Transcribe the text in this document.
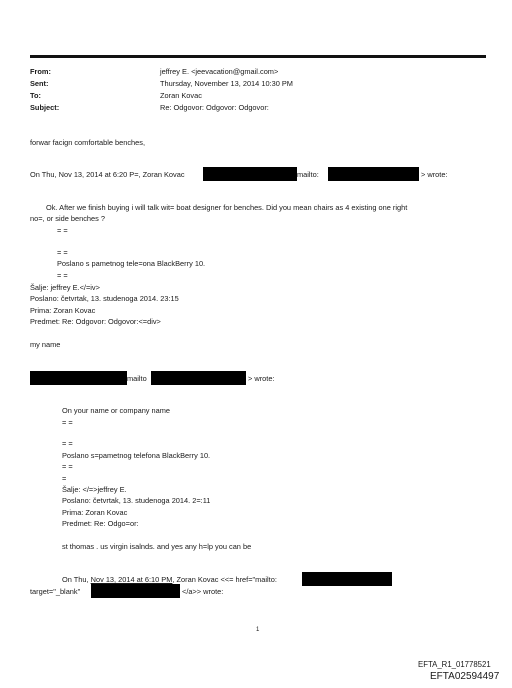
From:	jeffrey E. <jeevacation@gmail.com>
Sent:	Thursday, November 13, 2014 10:30 PM
To:	Zoran Kovac
Subject:	Re: Odgovor: Odgovor: Odgovor:
forwar facign comfortable benches,
On Thu, Nov 13, 2014 at 6:20 P=, Zoran Kovac	mailto:	> wrote:
Ok. After we finish buying i will talk wit= boat designer for benches. Did you mean chairs as 4 existing one right
no=, or side benches ?
= =
= =
Poslano s pametnog tele=ona BlackBerry 10.
= =
Šalje: jeffrey E.</=iv>
Poslano: četvrtak, 13. studenoga 2014. 23:15
Prima: Zoran Kovac
Predmet: Re: Odgovor: Odgovor:<=div>
my name
mailto	> wrote:
On your name or company name
= =
= =
Poslano s=pametnog telefona BlackBerry 10.
= =
=
Šalje: </=>jeffrey E.
Poslano: četvrtak, 13. studenoga 2014. 2=:11
Prima: Zoran Kovac
Predmet: Re: Odgo=or:
st thomas . us virgin isalnds. and yes any h=lp you can be
On Thu, Nov 13, 2014 at 6:10 PM, Zoran Kovac <<= href="mailto:
target="_blank"	</a>> wrote:
1
EFTA_R1_01778521
EFTA02594497
